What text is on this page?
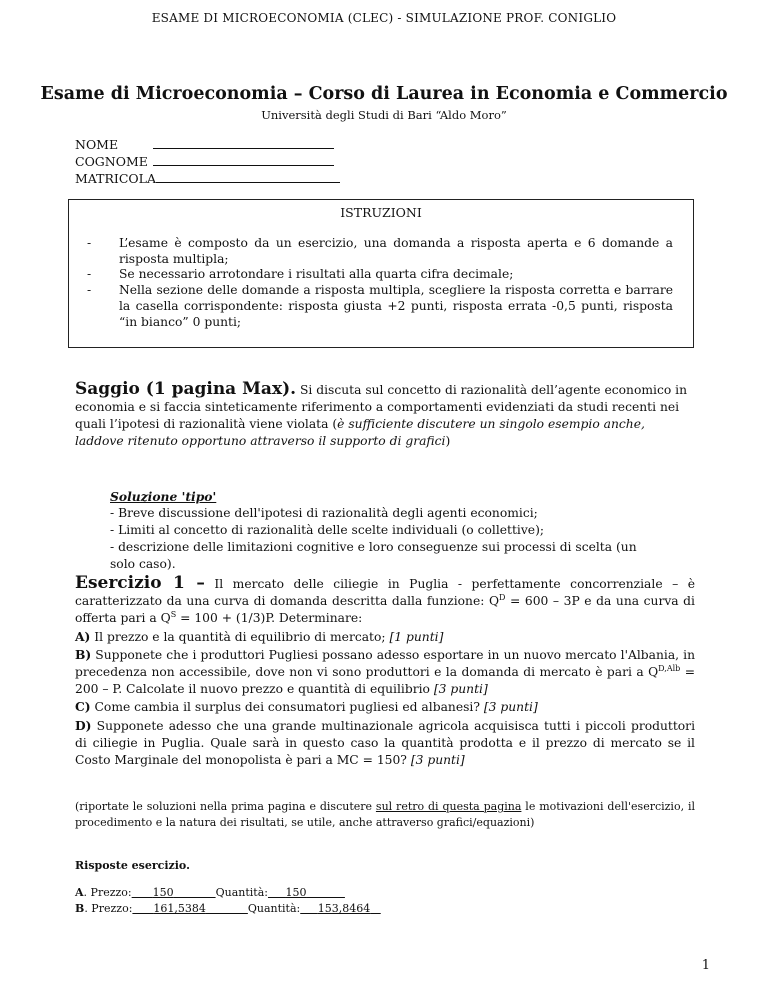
ESAME DI MICROECONOMIA (CLEC) - SIMULAZIONE PROF. CONIGLIO
Esame di Microeconomia – Corso di Laurea in Economia e Commercio
Università degli Studi di Bari “Aldo Moro”
NOME
COGNOME
MATRICOLA
ISTRUZIONI
- L’esame è composto da un esercizio, una domanda a risposta aperta e 6 domande a risposta multipla;
- Se necessario arrotondare i risultati alla quarta cifra decimale;
- Nella sezione delle domande a risposta multipla, scegliere la risposta corretta e barrare la casella corrispondente: risposta giusta +2 punti, risposta errata -0,5 punti, risposta “in bianco” 0 punti;
Saggio (1 pagina Max). Si discuta sul concetto di razionalità dell’agente economico in economia e si faccia sinteticamente riferimento a comportamenti evidenziati da studi recenti nei quali l’ipotesi di razionalità viene violata (è sufficiente discutere un singolo esempio anche, laddove ritenuto opportuno attraverso il supporto di grafici)
Soluzione 'tipo'
- Breve discussione dell'ipotesi di razionalità degli agenti economici;
- Limiti al concetto di razionalità delle scelte individuali (o collettive);
- descrizione delle limitazioni cognitive e loro conseguenze sui processi di scelta (un solo caso).

Esercizio 1 – Il mercato delle ciliegie in Puglia - perfettamente concorrenziale – è caratterizzato da una curva di domanda descritta dalla funzione: $Q^D = 600 - 3P$ e da una curva di offerta pari a $Q^S = 100 + (1/3)P$. Determinare:

A) Il prezzo e la quantità di equilibrio di mercato; [1 punti]

B) Supponete che i produttori Pugliesi possano adesso esportare in un nuovo mercato l'Albania, in precedenza non accessibile, dove non vi sono produttori e la domanda di mercato è pari a $Q^{D,Alb} = 200 - P$. Calcolate il nuovo prezzo e quantità di equilibrio [3 punti]

C) Come cambia il surplus dei consumatori pugliesi ed albanesi? [3 punti]

D) Supponete adesso che una grande multinazionale agricola acquisisca tutti i piccoli produttori di ciliegie in Puglia. Quale sarà in questo caso la quantità prodotta e il prezzo di mercato se il Costo Marginale del monopolista è pari a MC = 150? [3 punti]

(riportate le soluzioni nella prima pagina e discutere sul retro di questa pagina le motivazioni dell'esercizio, il procedimento e la natura dei risultati, se utile, anche attraverso grafici/equazioni)
Risposte esercizio.
A. Prezzo: 150	Quantità: 150
B. Prezzo: 161,5384	Quantità: 153,8464
1
